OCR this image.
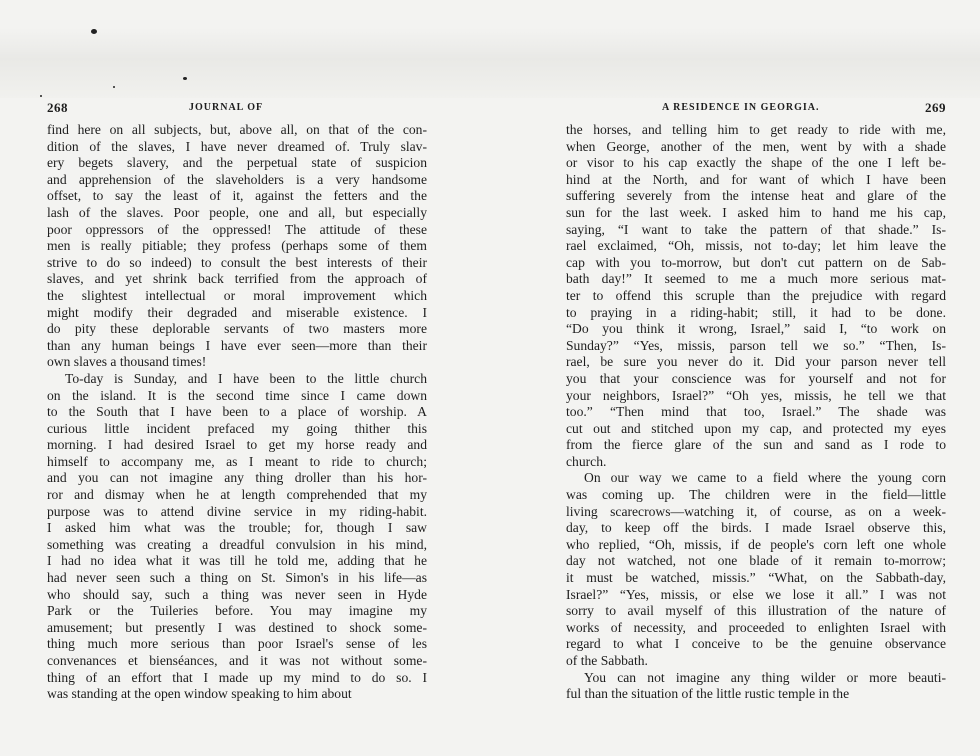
268	JOURNAL OF

find here on all subjects, but, above all, on that of the con-
dition of the slaves, I have never dreamed of. Truly slav-
ery begets slavery, and the perpetual state of suspicion
and apprehension of the slaveholders is a very handsome
offset, to say the least of it, against the fetters and the
lash of the slaves. Poor people, one and all, but especially
poor oppressors of the oppressed! The attitude of these
men is really pitiable; they profess (perhaps some of them
strive to do so indeed) to consult the best interests of their
slaves, and yet shrink back terrified from the approach of
the slightest intellectual or moral improvement which
might modify their degraded and miserable existence. I
do pity these deplorable servants of two masters more
than any human beings I have ever seen—more than their
own slaves a thousand times!

To-day is Sunday, and I have been to the little church
on the island. It is the second time since I came down
to the South that I have been to a place of worship. A
curious little incident prefaced my going thither this
morning. I had desired Israel to get my horse ready and
himself to accompany me, as I meant to ride to church;
and you can not imagine any thing droller than his hor-
ror and dismay when he at length comprehended that my
purpose was to attend divine service in my riding-habit.
I asked him what was the trouble; for, though I saw
something was creating a dreadful convulsion in his mind,
I had no idea what it was till he told me, adding that he
had never seen such a thing on St. Simon's in his life—as
who should say, such a thing was never seen in Hyde
Park or the Tuileries before. You may imagine my
amusement; but presently I was destined to shock some-
thing much more serious than poor Israel's sense of les
convenances et bienséances, and it was not without some-
thing of an effort that I made up my mind to do so. I
was standing at the open window speaking to him about

A RESIDENCE IN GEORGIA.	269

the horses, and telling him to get ready to ride with me,
when George, another of the men, went by with a shade
or visor to his cap exactly the shape of the one I left be-
hind at the North, and for want of which I have been
suffering severely from the intense heat and glare of the
sun for the last week. I asked him to hand me his cap,
saying, “I want to take the pattern of that shade.” Is-
rael exclaimed, “Oh, missis, not to-day; let him leave the
cap with you to-morrow, but don't cut pattern on de Sab-
bath day!” It seemed to me a much more serious mat-
ter to offend this scruple than the prejudice with regard
to praying in a riding-habit; still, it had to be done.
“Do you think it wrong, Israel,” said I, “to work on
Sunday?” “Yes, missis, parson tell we so.” “Then, Is-
rael, be sure you never do it. Did your parson never tell
you that your conscience was for yourself and not for
your neighbors, Israel?” “Oh yes, missis, he tell we that
too.” “Then mind that too, Israel.” The shade was
cut out and stitched upon my cap, and protected my eyes
from the fierce glare of the sun and sand as I rode to
church.

On our way we came to a field where the young corn
was coming up. The children were in the field—little
living scarecrows—watching it, of course, as on a week-
day, to keep off the birds. I made Israel observe this,
who replied, “Oh, missis, if de people's corn left one whole
day not watched, not one blade of it remain to-morrow;
it must be watched, missis.” “What, on the Sabbath-day,
Israel?” “Yes, missis, or else we lose it all.” I was not
sorry to avail myself of this illustration of the nature of
works of necessity, and proceeded to enlighten Israel with
regard to what I conceive to be the genuine observance
of the Sabbath.

You can not imagine any thing wilder or more beauti-
ful than the situation of the little rustic temple in the
